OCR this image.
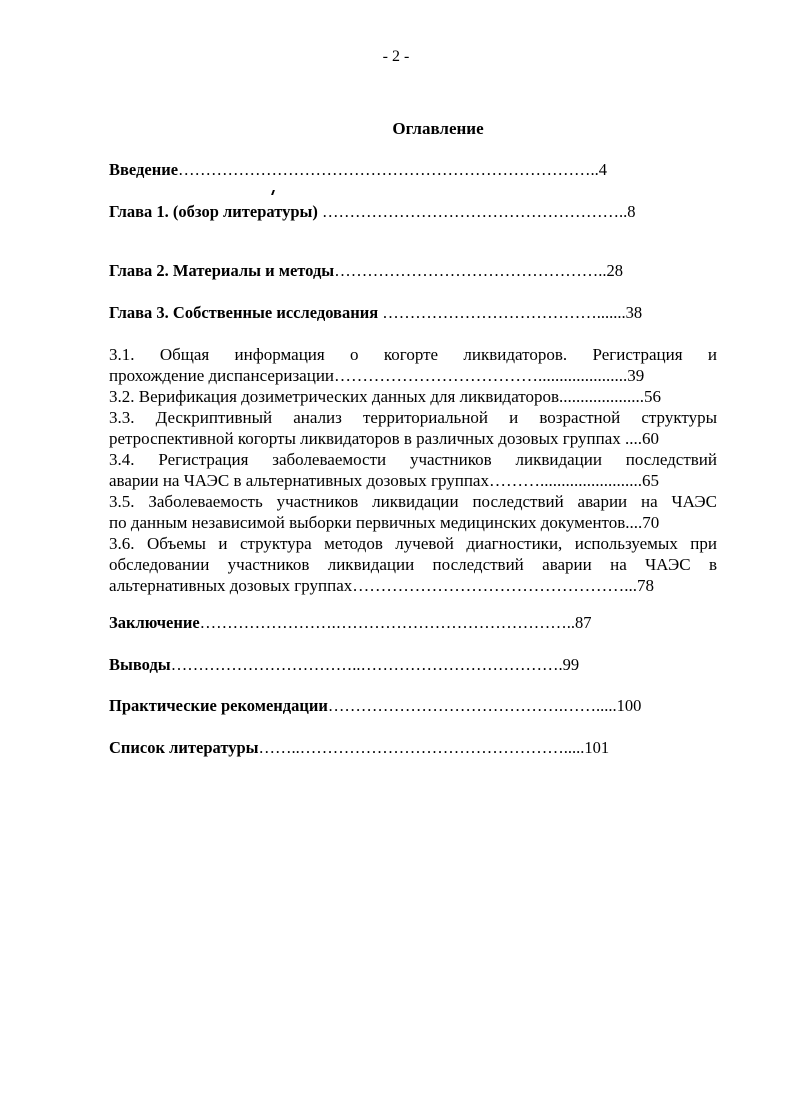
- 2 -
Оглавление
Введение…………………………………………………………………..4
Глава 1. (обзор литературы) ………………………………………………..8
Глава 2. Материалы и методы…………………………………………..28
Глава 3. Собственные исследования ………………………………….......38
3.1. Общая информация о когорте ликвидаторов. Регистрация и
прохождение диспансеризации……………………………….....................39
3.2. Верификация дозиметрических данных для ликвидаторов....................56
3.3. Дескриптивный анализ территориальной и возрастной структуры
ретроспективной когорты ликвидаторов в различных дозовых группах ....60
3.4. Регистрация заболеваемости участников ликвидации последствий
аварии на ЧАЭС в альтернативных дозовых группах………........................65
3.5. Заболеваемость участников ликвидации последствий аварии на ЧАЭС
по данным независимой выборки первичных медицинских документов....70
3.6. Объемы и структура методов лучевой диагностики, используемых при
обследовании участников ликвидации последствий аварии на ЧАЭС в
альтернативных дозовых группах…………………………………………...78
Заключение…………………….……………………………………..87
Выводы……………………………..……………………………….99
Практические рекомендации…………………………………….…….....100
Список литературы……..………………………………………….....101
